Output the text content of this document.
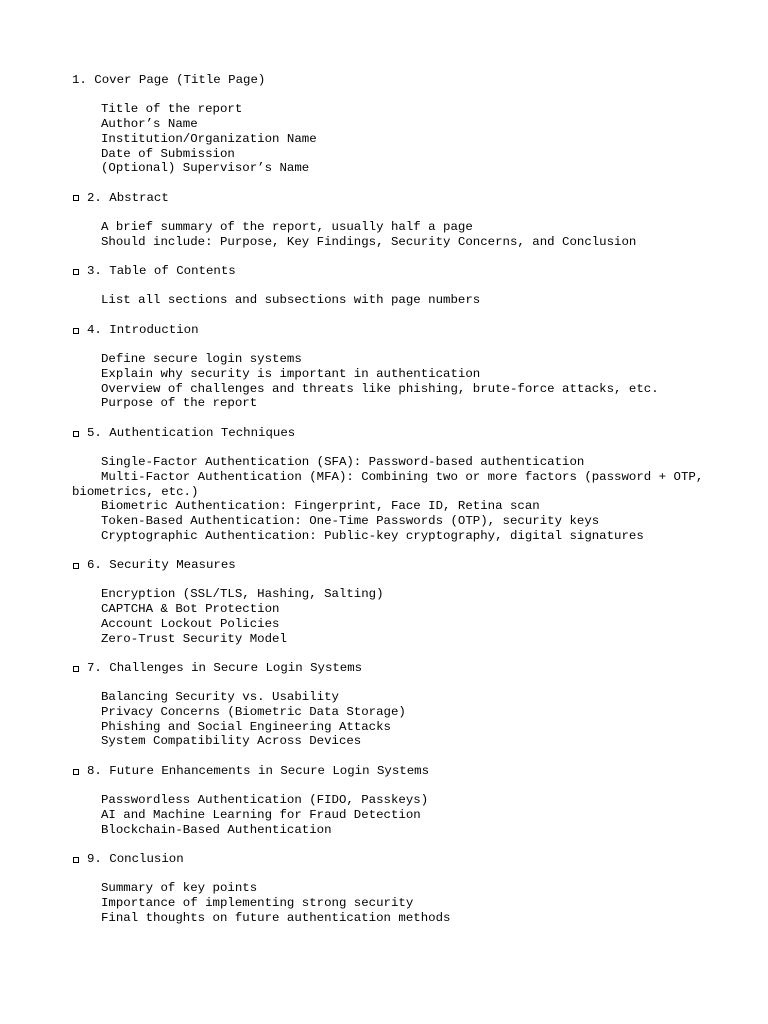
1. Cover Page (Title Page)
Title of the report
Author’s Name
Institution/Organization Name
Date of Submission
(Optional) Supervisor’s Name
2. Abstract
A brief summary of the report, usually half a page
Should include: Purpose, Key Findings, Security Concerns, and Conclusion
3. Table of Contents
List all sections and subsections with page numbers
4. Introduction
Define secure login systems
Explain why security is important in authentication
Overview of challenges and threats like phishing, brute-force attacks, etc.
Purpose of the report
5. Authentication Techniques
Single-Factor Authentication (SFA): Password-based authentication
Multi-Factor Authentication (MFA): Combining two or more factors (password + OTP, biometrics, etc.)
Biometric Authentication: Fingerprint, Face ID, Retina scan
Token-Based Authentication: One-Time Passwords (OTP), security keys
Cryptographic Authentication: Public-key cryptography, digital signatures
6. Security Measures
Encryption (SSL/TLS, Hashing, Salting)
CAPTCHA & Bot Protection
Account Lockout Policies
Zero-Trust Security Model
7. Challenges in Secure Login Systems
Balancing Security vs. Usability
Privacy Concerns (Biometric Data Storage)
Phishing and Social Engineering Attacks
System Compatibility Across Devices
8. Future Enhancements in Secure Login Systems
Passwordless Authentication (FIDO, Passkeys)
AI and Machine Learning for Fraud Detection
Blockchain-Based Authentication
9. Conclusion
Summary of key points
Importance of implementing strong security
Final thoughts on future authentication methods
